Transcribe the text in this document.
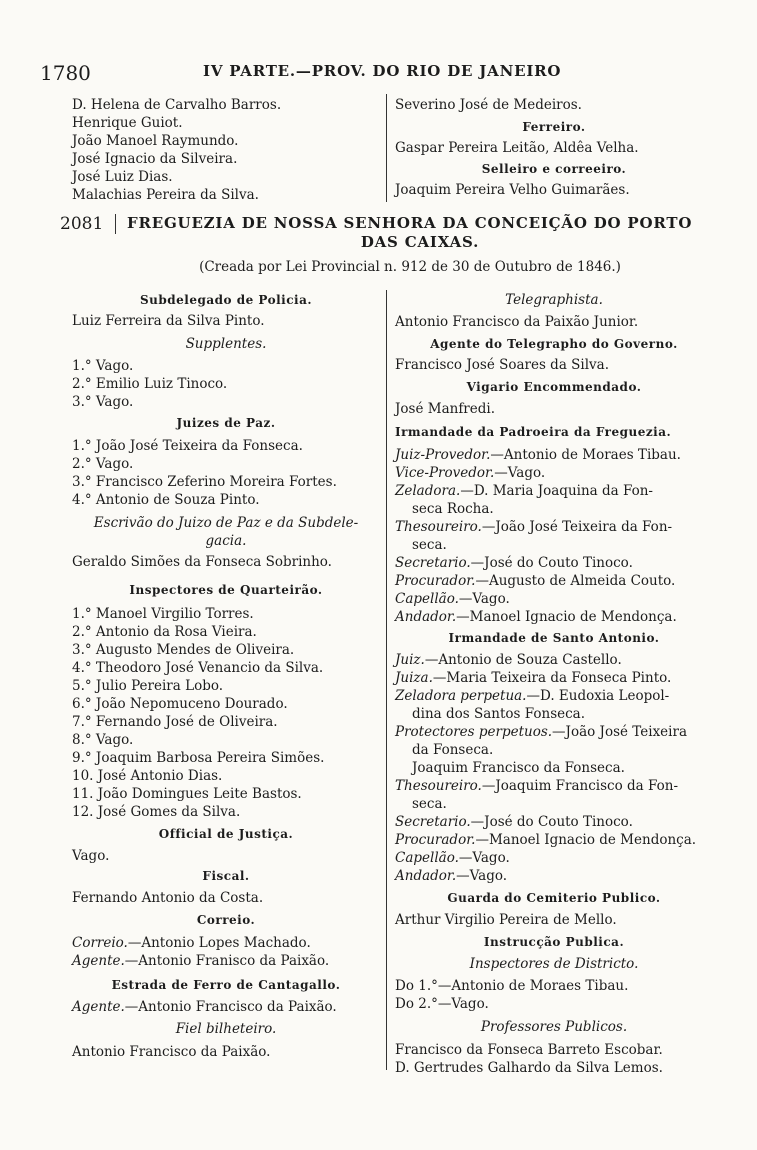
1780	IV PARTE.—PROV. DO RIO DE JANEIRO
D. Helena de Carvalho Barros.
Henrique Guiot.
João Manoel Raymundo.
José Ignacio da Silveira.
José Luiz Dias.
Malachias Pereira da Silva.
Severino José de Medeiros.
Ferreiro.
Gaspar Pereira Leitão, Aldêa Velha.
Selleiro e correeiro.
Joaquim Pereira Velho Guimarães.
2081 FREGUEZIA DE NOSSA SENHORA DA CONCEIÇÃO DO PORTO
DAS CAIXAS.
(Creada por Lei Provincial n. 912 de 30 de Outubro de 1846.)
Subdelegado de Policia.
Luiz Ferreira da Silva Pinto.
Supplentes.
1.° Vago.
2.° Emilio Luiz Tinoco.
3.° Vago.
Juizes de Paz.
1.° João José Teixeira da Fonseca.
2.° Vago.
3.° Francisco Zeferino Moreira Fortes.
4.° Antonio de Souza Pinto.
Escrivão do Juizo de Paz e da Subdele-
gacia.
Geraldo Simões da Fonseca Sobrinho.
Inspectores de Quarteirão.
1.° Manoel Virgilio Torres.
2.° Antonio da Rosa Vieira.
3.° Augusto Mendes de Oliveira.
4.° Theodoro José Venancio da Silva.
5.° Julio Pereira Lobo.
6.° João Nepomuceno Dourado.
7.° Fernando José de Oliveira.
8.° Vago.
9.° Joaquim Barbosa Pereira Simões.
10. José Antonio Dias.
11. João Domingues Leite Bastos.
12. José Gomes da Silva.
Official de Justiça.
Vago.
Fiscal.
Fernando Antonio da Costa.
Correio.
Correio.—Antonio Lopes Machado.
Agente.—Antonio Franisco da Paixão.
Estrada de Ferro de Cantagallo.
Agente.—Antonio Francisco da Paixão.
Fiel bilheteiro.
Antonio Francisco da Paixão.
Telegraphista.
Antonio Francisco da Paixão Junior.
Agente do Telegrapho do Governo.
Francisco José Soares da Silva.
Vigario Encommendado.
José Manfredi.
Irmandade da Padroeira da Freguezia.
Juiz-Provedor.—Antonio de Moraes Tibau.
Vice-Provedor.—Vago.
Zeladora.—D. Maria Joaquina da Fon-
seca Rocha.
Thesoureiro.—João José Teixeira da Fon-
seca.
Secretario.—José do Couto Tinoco.
Procurador.—Augusto de Almeida Couto.
Capellão.—Vago.
Andador.—Manoel Ignacio de Mendonça.
Irmandade de Santo Antonio.
Juiz.—Antonio de Souza Castello.
Juiza.—Maria Teixeira da Fonseca Pinto.
Zeladora perpetua.—D. Eudoxia Leopol-
dina dos Santos Fonseca.
Protectores perpetuos.—João José Teixeira
da Fonseca.
Joaquim Francisco da Fonseca.
Thesoureiro.—Joaquim Francisco da Fon-
seca.
Secretario.—José do Couto Tinoco.
Procurador.—Manoel Ignacio de Mendonça.
Capellão.—Vago.
Andador.—Vago.
Guarda do Cemiterio Publico.
Arthur Virgilio Pereira de Mello.
Instrucção Publica.
Inspectores de Districto.
Do 1.°—Antonio de Moraes Tibau.
Do 2.°—Vago.
Professores Publicos.
Francisco da Fonseca Barreto Escobar.
D. Gertrudes Galhardo da Silva Lemos.
